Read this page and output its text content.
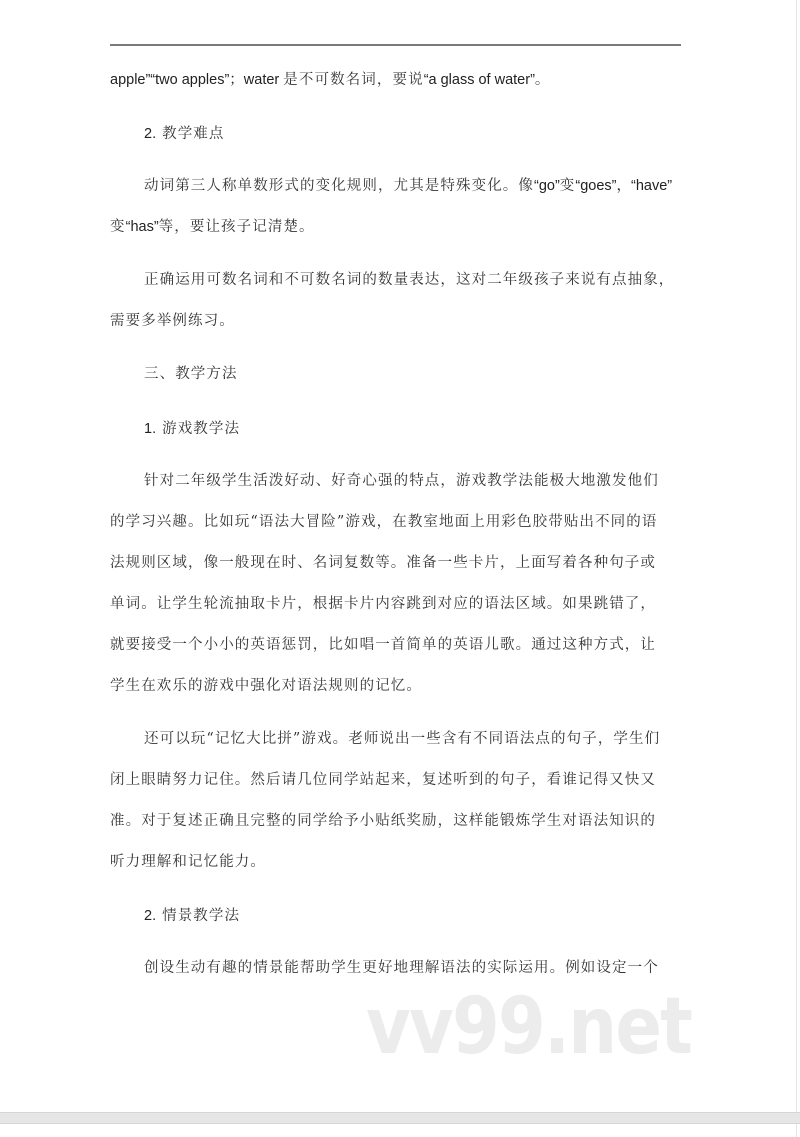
apple”“two apples”；water 是不可数名词，要说“a glass of water”。
2. 教学难点
动词第三人称单数形式的变化规则，尤其是特殊变化。像“go”变“goes”，“have”
变“has”等，要让孩子记清楚。
正确运用可数名词和不可数名词的数量表达，这对二年级孩子来说有点抽象，
需要多举例练习。
三、教学方法
1. 游戏教学法
针对二年级学生活泼好动、好奇心强的特点，游戏教学法能极大地激发他们
的学习兴趣。比如玩“语法大冒险”游戏，在教室地面上用彩色胶带贴出不同的语
法规则区域，像一般现在时、名词复数等。准备一些卡片，上面写着各种句子或
单词。让学生轮流抽取卡片，根据卡片内容跳到对应的语法区域。如果跳错了，
就要接受一个小小的英语惩罚，比如唱一首简单的英语儿歌。通过这种方式，让
学生在欢乐的游戏中强化对语法规则的记忆。
还可以玩“记忆大比拼”游戏。老师说出一些含有不同语法点的句子，学生们
闭上眼睛努力记住。然后请几位同学站起来，复述听到的句子，看谁记得又快又
准。对于复述正确且完整的同学给予小贴纸奖励，这样能锻炼学生对语法知识的
听力理解和记忆能力。
2. 情景教学法
创设生动有趣的情景能帮助学生更好地理解语法的实际运用。例如设定一个
vv99.net
